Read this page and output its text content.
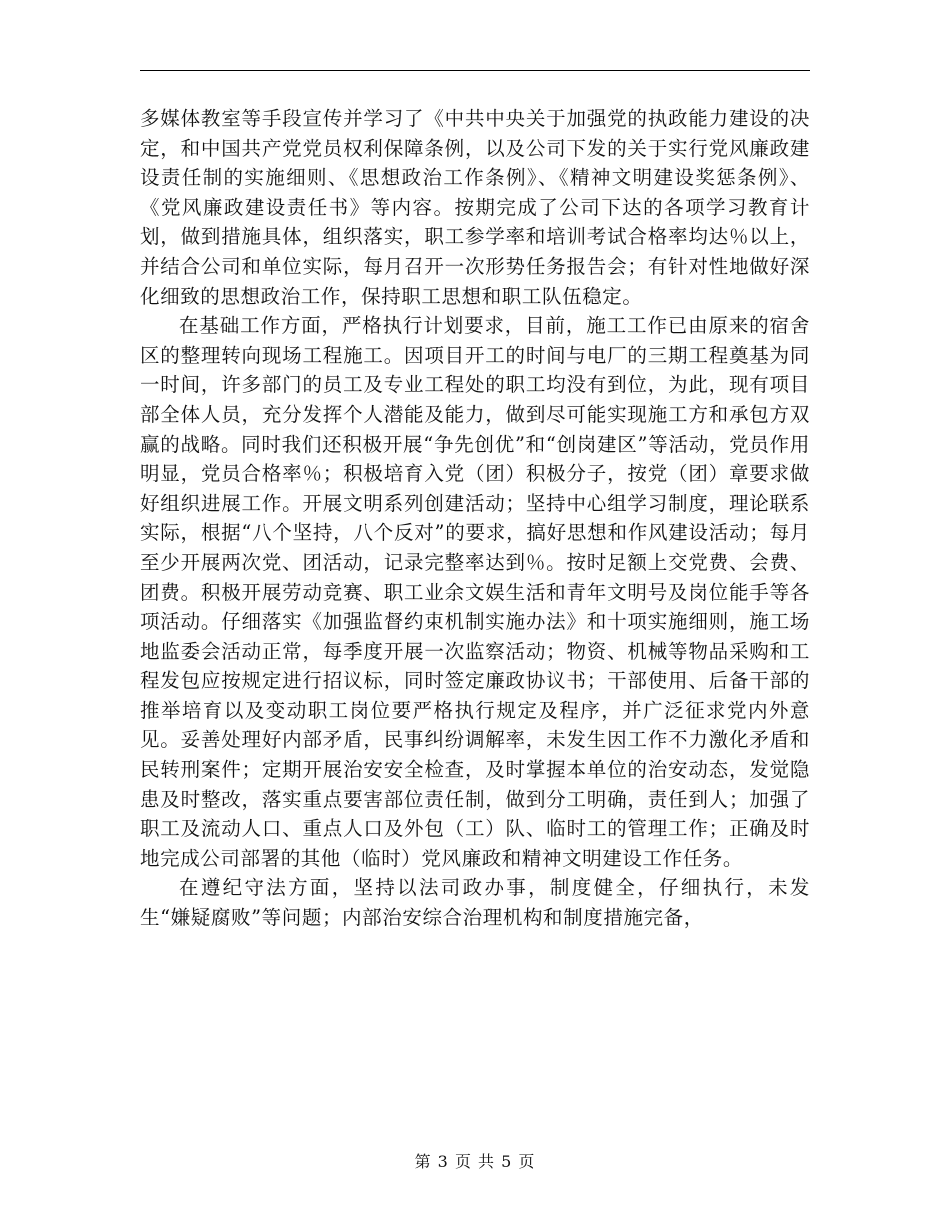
多媒体教室等手段宣传并学习了《中共中央关于加强党的执政能力建设的决定，和中国共产党党员权利保障条例，以及公司下发的关于实行党风廉政建设责任制的实施细则、《思想政治工作条例》、《精神文明建设奖惩条例》、《党风廉政建设责任书》等内容。按期完成了公司下达的各项学习教育计划，做到措施具体，组织落实，职工参学率和培训考试合格率均达％以上，并结合公司和单位实际，每月召开一次形势任务报告会；有针对性地做好深化细致的思想政治工作，保持职工思想和职工队伍稳定。

在基础工作方面，严格执行计划要求，目前，施工工作已由原来的宿舍区的整理转向现场工程施工。因项目开工的时间与电厂的三期工程奠基为同一时间，许多部门的员工及专业工程处的职工均没有到位，为此，现有项目部全体人员，充分发挥个人潜能及能力，做到尽可能实现施工方和承包方双赢的战略。同时我们还积极开展“争先创优”和“创岗建区”等活动，党员作用明显，党员合格率％；积极培育入党（团）积极分子，按党（团）章要求做好组织进展工作。开展文明系列创建活动；坚持中心组学习制度，理论联系实际，根据“八个坚持，八个反对”的要求，搞好思想和作风建设活动；每月至少开展两次党、团活动，记录完整率达到％。按时足额上交党费、会费、团费。积极开展劳动竞赛、职工业余文娱生活和青年文明号及岗位能手等各项活动。仔细落实《加强监督约束机制实施办法》和十项实施细则，施工场地监委会活动正常，每季度开展一次监察活动；物资、机械等物品采购和工程发包应按规定进行招议标，同时签定廉政协议书；干部使用、后备干部的推举培育以及变动职工岗位要严格执行规定及程序，并广泛征求党内外意见。妥善处理好内部矛盾，民事纠纷调解率，未发生因工作不力激化矛盾和民转刑案件；定期开展治安安全检查，及时掌握本单位的治安动态，发觉隐患及时整改，落实重点要害部位责任制，做到分工明确，责任到人；加强了职工及流动人口、重点人口及外包（工）队、临时工的管理工作；正确及时地完成公司部署的其他（临时）党风廉政和精神文明建设工作任务。

在遵纪守法方面，坚持以法司政办事，制度健全，仔细执行，未发生“嫌疑腐败”等问题；内部治安综合治理机构和制度措施完备，

第 3 页 共 5 页
